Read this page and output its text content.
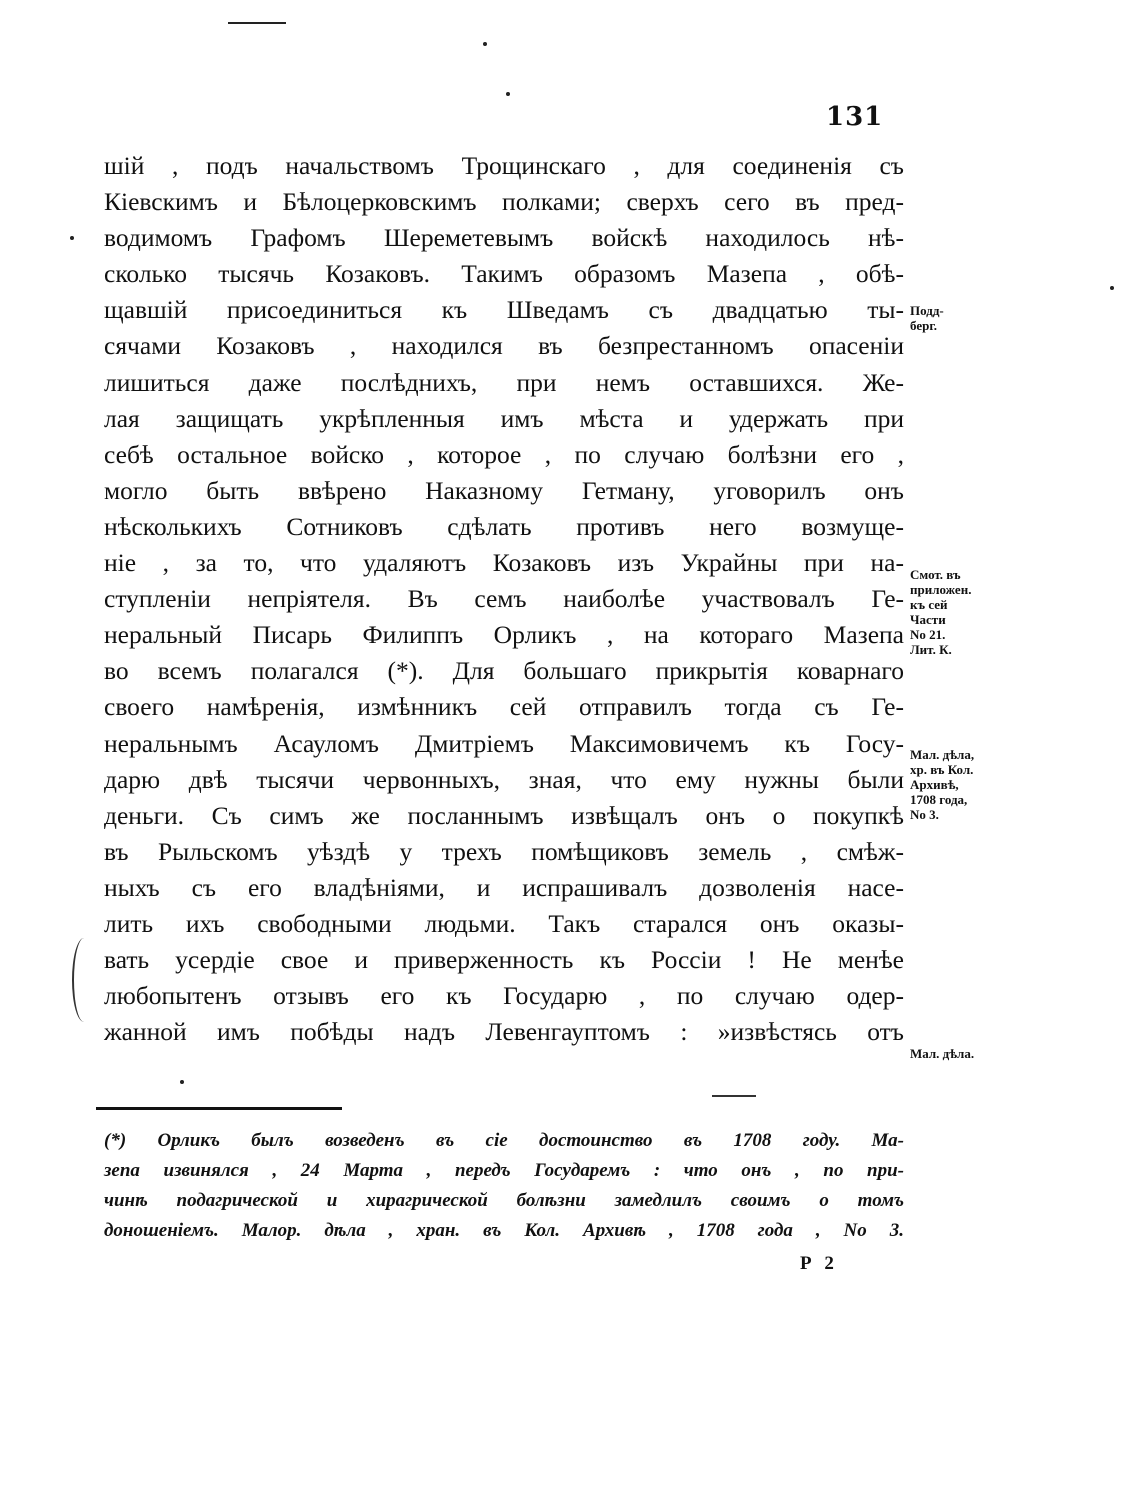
131
шій , подъ начальствомъ Трощинскаго , для соединенія съ
Кіевскимъ и Бѣлоцерковскимъ полками; сверхъ сего въ пред-
водимомъ Графомъ Шереметевымъ войскѣ находилось нѣ-
сколько тысячь Козаковъ. Такимъ образомъ Мазепа , обѣ-
щавшій присоединиться къ Шведамъ съ двадцатью ты-
сячами Козаковъ , находился въ безпрестанномъ опасеніи
лишиться даже послѣднихъ, при немъ оставшихся. Же-
лая защищать укрѣпленныя имъ мѣста и удержать при
себѣ остальное войско , которое , по случаю болѣзни его ,
могло быть ввѣрено Наказному Гетману, уговорилъ онъ
нѣсколькихъ Сотниковъ сдѣлать противъ него возмуще-
ніе , за то, что удаляютъ Козаковъ изъ Украйны при на-
ступленіи непріятеля. Въ семъ наиболѣе участвовалъ Ге-
неральный Писарь Филиппъ Орликъ , на котораго Мазепа
во всемъ полагался (*). Для большаго прикрытія коварнаго
своего намѣренія, измѣнникъ сей отправилъ тогда съ Ге-
неральнымъ Асауломъ Дмитріемъ Максимовичемъ къ Госу-
дарю двѣ тысячи червонныхъ, зная, что ему нужны были
деньги. Съ симъ же посланнымъ извѣщалъ онъ о покупкѣ
въ Рыльскомъ уѣздѣ у трехъ помѣщиковъ земель , смѣж-
ныхъ съ его владѣніями, и испрашивалъ дозволенія насе-
лить ихъ свободными людьми. Такъ старался онъ оказы-
вать усердіе свое и приверженность къ Россіи ! Не менѣе
любопытенъ отзывъ его къ Государю , по случаю одер-
жанной имъ побѣды надъ Левенгауптомъ : »извѣстясь отъ
Подд-
берг.
Смот. въ
приложен.
къ сей
Части
No 21.
Лит. К.
Мал. дѣла,
хр. въ Кол.
Архивѣ,
1708 года,
No 3.
Мал. дѣла.
(*) Орликъ былъ возведенъ въ сіе достоинство въ 1708 году. Ма-
зепа извинялся , 24 Марта , передъ Государемъ : что онъ , по при-
чинѣ подагрической и хирагрической болѣзни замедлилъ своимъ о томъ
доношеніемъ. Малор. дѣла , хран. въ Кол. Архивѣ , 1708 года , No 3.
Р 2
